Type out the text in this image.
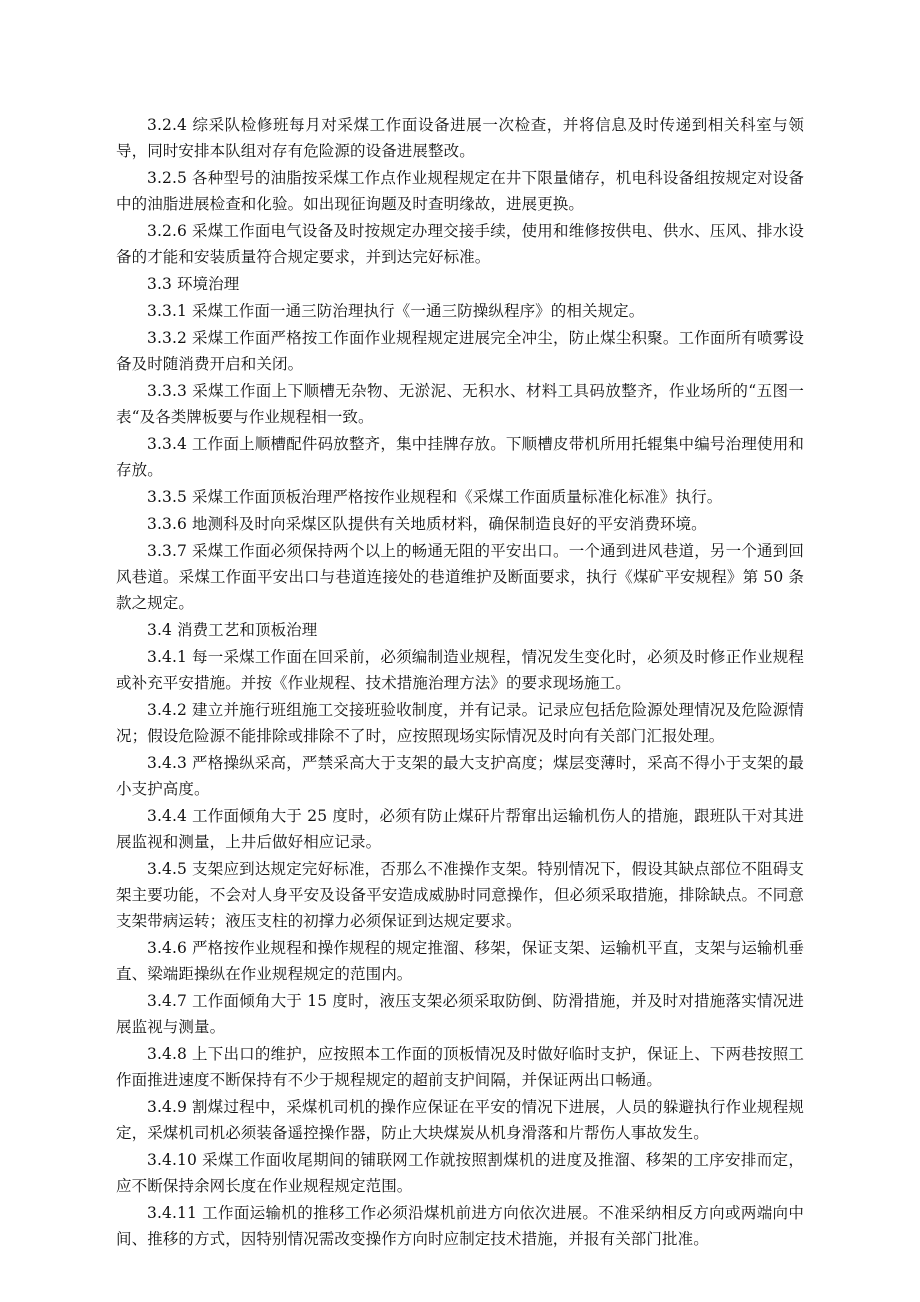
3.2.4 综采队检修班每月对采煤工作面设备进展一次检查，并将信息及时传递到相关科室与领导，同时安排本队组对存有危险源的设备进展整改。

3.2.5 各种型号的油脂按采煤工作点作业规程规定在井下限量储存，机电科设备组按规定对设备中的油脂进展检查和化验。如出现征询题及时查明缘故，进展更换。

3.2.6 采煤工作面电气设备及时按规定办理交接手续，使用和维修按供电、供水、压风、排水设备的才能和安装质量符合规定要求，并到达完好标准。

3.3 环境治理

3.3.1 采煤工作面一通三防治理执行《一通三防操纵程序》的相关规定。

3.3.2 采煤工作面严格按工作面作业规程规定进展完全冲尘，防止煤尘积聚。工作面所有喷雾设备及时随消费开启和关闭。

3.3.3 采煤工作面上下顺槽无杂物、无淤泥、无积水、材料工具码放整齐，作业场所的“五图一表“及各类牌板要与作业规程相一致。

3.3.4 工作面上顺槽配件码放整齐，集中挂牌存放。下顺槽皮带机所用托辊集中编号治理使用和存放。

3.3.5 采煤工作面顶板治理严格按作业规程和《采煤工作面质量标准化标准》执行。

3.3.6 地测科及时向采煤区队提供有关地质材料，确保制造良好的平安消费环境。

3.3.7 采煤工作面必须保持两个以上的畅通无阻的平安出口。一个通到进风巷道，另一个通到回风巷道。采煤工作面平安出口与巷道连接处的巷道维护及断面要求，执行《煤矿平安规程》第 50 条款之规定。

3.4 消费工艺和顶板治理

3.4.1 每一采煤工作面在回采前，必须编制造业规程，情况发生变化时，必须及时修正作业规程或补充平安措施。并按《作业规程、技术措施治理方法》的要求现场施工。

3.4.2 建立并施行班组施工交接班验收制度，并有记录。记录应包括危险源处理情况及危险源情况；假设危险源不能排除或排除不了时，应按照现场实际情况及时向有关部门汇报处理。

3.4.3 严格操纵采高，严禁采高大于支架的最大支护高度；煤层变薄时，采高不得小于支架的最小支护高度。

3.4.4 工作面倾角大于 25 度时，必须有防止煤矸片帮窜出运输机伤人的措施，跟班队干对其进展监视和测量，上井后做好相应记录。

3.4.5 支架应到达规定完好标准，否那么不准操作支架。特别情况下，假设其缺点部位不阻碍支架主要功能，不会对人身平安及设备平安造成威胁时同意操作，但必须采取措施，排除缺点。不同意支架带病运转；液压支柱的初撑力必须保证到达规定要求。

3.4.6 严格按作业规程和操作规程的规定推溜、移架，保证支架、运输机平直，支架与运输机垂直、梁端距操纵在作业规程规定的范围内。

3.4.7 工作面倾角大于 15 度时，液压支架必须采取防倒、防滑措施，并及时对措施落实情况进展监视与测量。

3.4.8 上下出口的维护，应按照本工作面的顶板情况及时做好临时支护，保证上、下两巷按照工作面推进速度不断保持有不少于规程规定的超前支护间隔，并保证两出口畅通。

3.4.9 割煤过程中，采煤机司机的操作应保证在平安的情况下进展，人员的躲避执行作业规程规定，采煤机司机必须装备遥控操作器，防止大块煤炭从机身滑落和片帮伤人事故发生。

3.4.10 采煤工作面收尾期间的铺联网工作就按照割煤机的进度及推溜、移架的工序安排而定，应不断保持余网长度在作业规程规定范围。

3.4.11 工作面运输机的推移工作必须沿煤机前进方向依次进展。不准采纳相反方向或两端向中间、推移的方式，因特别情况需改变操作方向时应制定技术措施，并报有关部门批准。
